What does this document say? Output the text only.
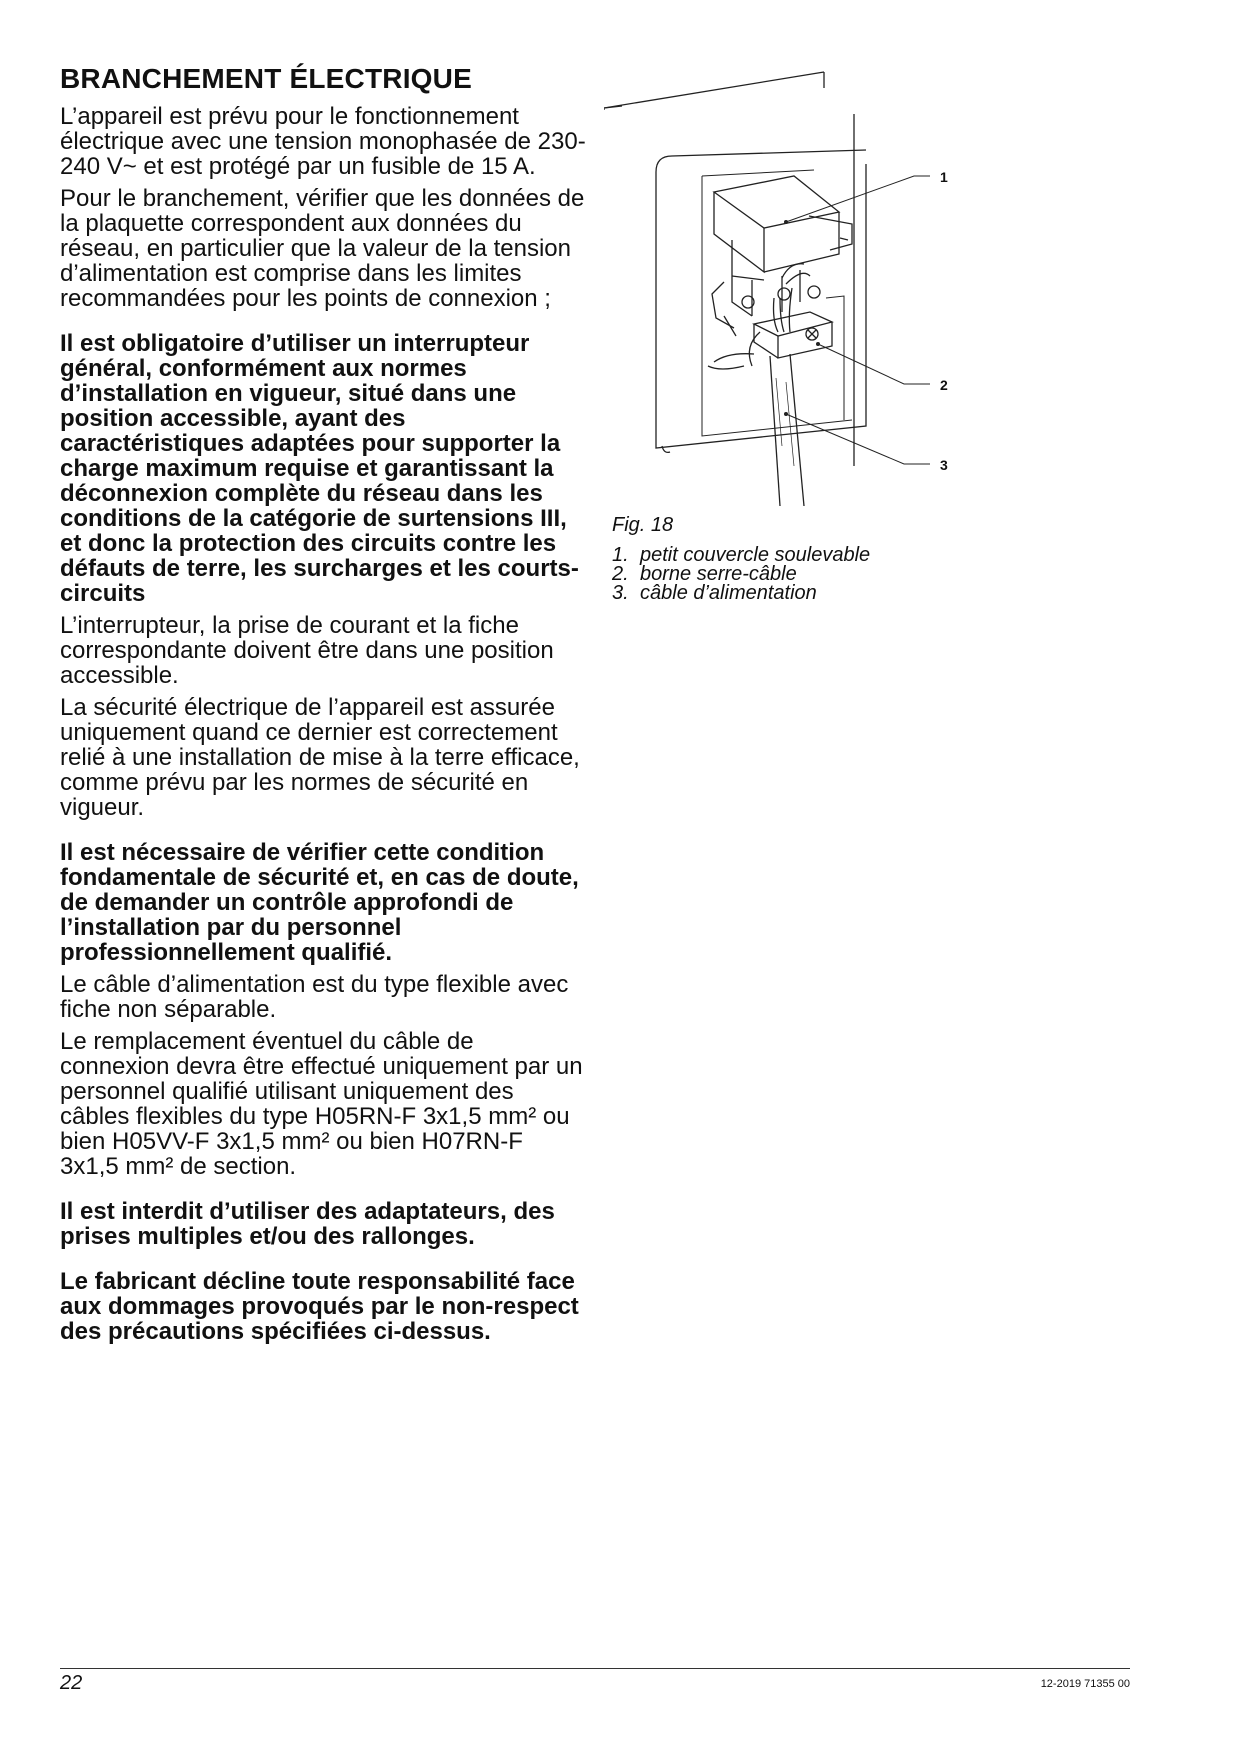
BRANCHEMENT ÉLECTRIQUE

L’appareil est prévu pour le fonctionnement électrique avec une tension monophasée de 230-240 V~ et est protégé par un fusible de 15 A.

Pour le branchement, vérifier que les données de la plaquette correspondent aux données du réseau, en particulier que la valeur de la tension d’alimentation est comprise dans les limites recommandées pour les points de connexion ;

Il est obligatoire d’utiliser un interrupteur général, conformément aux normes d’installation en vigueur, situé dans une position accessible, ayant des caractéristiques adaptées pour supporter la charge maximum requise et garantissant la déconnexion complète du réseau dans les conditions de la catégorie de surtensions III, et donc la protection des circuits contre les défauts de terre, les surcharges et les courts-circuits

L’interrupteur, la prise de courant et la fiche correspondante doivent être dans une position accessible.

La sécurité électrique de l’appareil est assurée uniquement quand ce dernier est correctement relié à une installation de mise à la terre efficace, comme prévu par les normes de sécurité en vigueur.

Il est nécessaire de vérifier cette condition fondamentale de sécurité et, en cas de doute, de demander un contrôle approfondi de l’installation par du personnel professionnellement qualifié.

Le câble d’alimentation est du type flexible avec fiche non séparable.

Le remplacement éventuel du câble de connexion devra être effectué uniquement par un personnel qualifié utilisant uniquement des câbles flexibles du type H05RN-F 3x1,5 mm² ou bien H05VV-F 3x1,5 mm² ou bien H07RN-F 3x1,5 mm² de section.

Il est interdit d’utiliser des adaptateurs, des prises multiples et/ou des rallonges.

Le fabricant décline toute responsabilité face aux dommages provoqués par le non-respect des précautions spécifiées ci-dessus.

1
2
3
Fig. 18
1. petit couvercle soulevable
2. borne serre-câble
3. câble d’alimentation
22	12-2019 71355 00
